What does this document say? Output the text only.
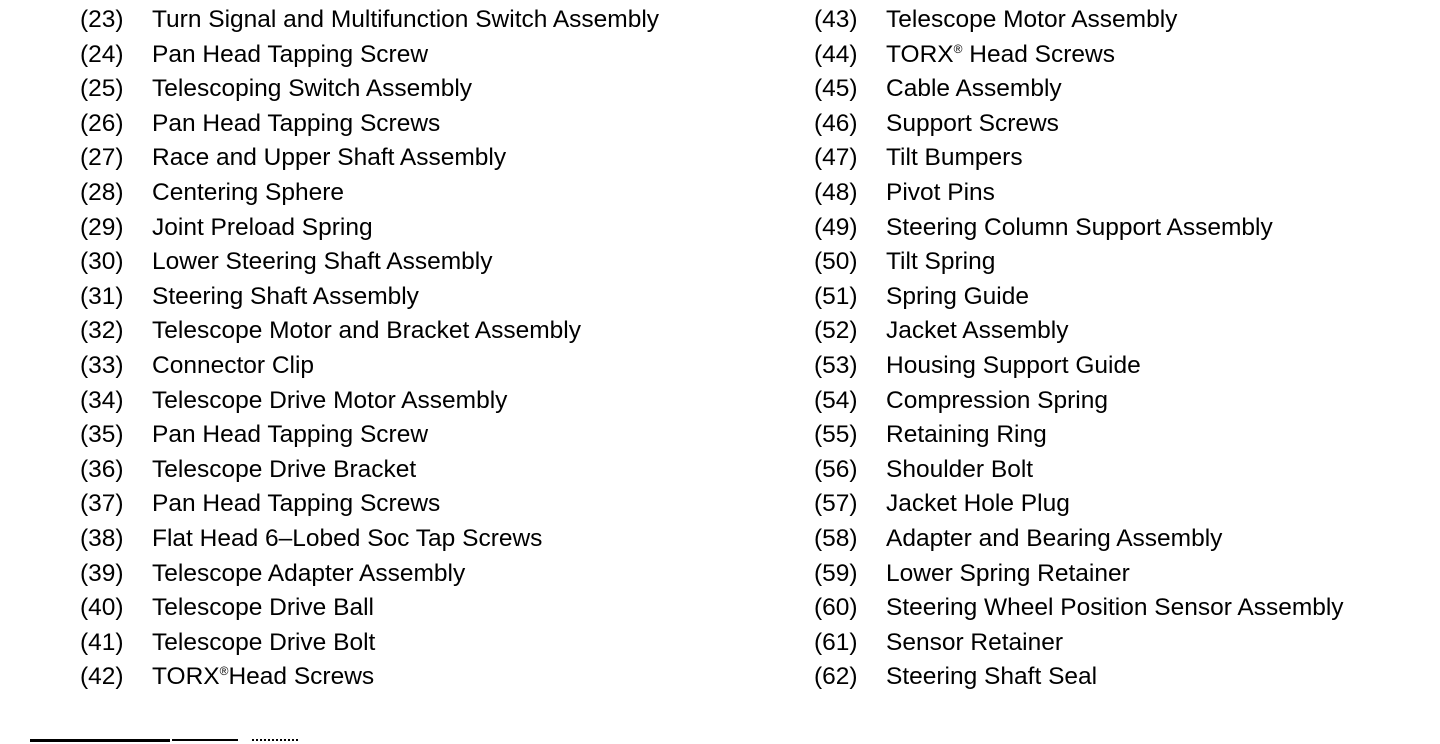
(23)	Turn Signal and Multifunction Switch Assembly
(24)	Pan Head Tapping Screw
(25)	Telescoping Switch Assembly
(26)	Pan Head Tapping Screws
(27)	Race and Upper Shaft Assembly
(28)	Centering Sphere
(29)	Joint Preload Spring
(30)	Lower Steering Shaft Assembly
(31)	Steering Shaft Assembly
(32)	Telescope Motor and Bracket Assembly
(33)	Connector Clip
(34)	Telescope Drive Motor Assembly
(35)	Pan Head Tapping Screw
(36)	Telescope Drive Bracket
(37)	Pan Head Tapping Screws
(38)	Flat Head 6–Lobed Soc Tap Screws
(39)	Telescope Adapter Assembly
(40)	Telescope Drive Ball
(41)	Telescope Drive Bolt
(42)	TORX®Head Screws
(43)	Telescope Motor Assembly
(44)	TORX® Head Screws
(45)	Cable Assembly
(46)	Support Screws
(47)	Tilt Bumpers
(48)	Pivot Pins
(49)	Steering Column Support Assembly
(50)	Tilt Spring
(51)	Spring Guide
(52)	Jacket Assembly
(53)	Housing Support Guide
(54)	Compression Spring
(55)	Retaining Ring
(56)	Shoulder Bolt
(57)	Jacket Hole Plug
(58)	Adapter and Bearing Assembly
(59)	Lower Spring Retainer
(60)	Steering Wheel Position Sensor Assembly
(61)	Sensor Retainer
(62)	Steering Shaft Seal
